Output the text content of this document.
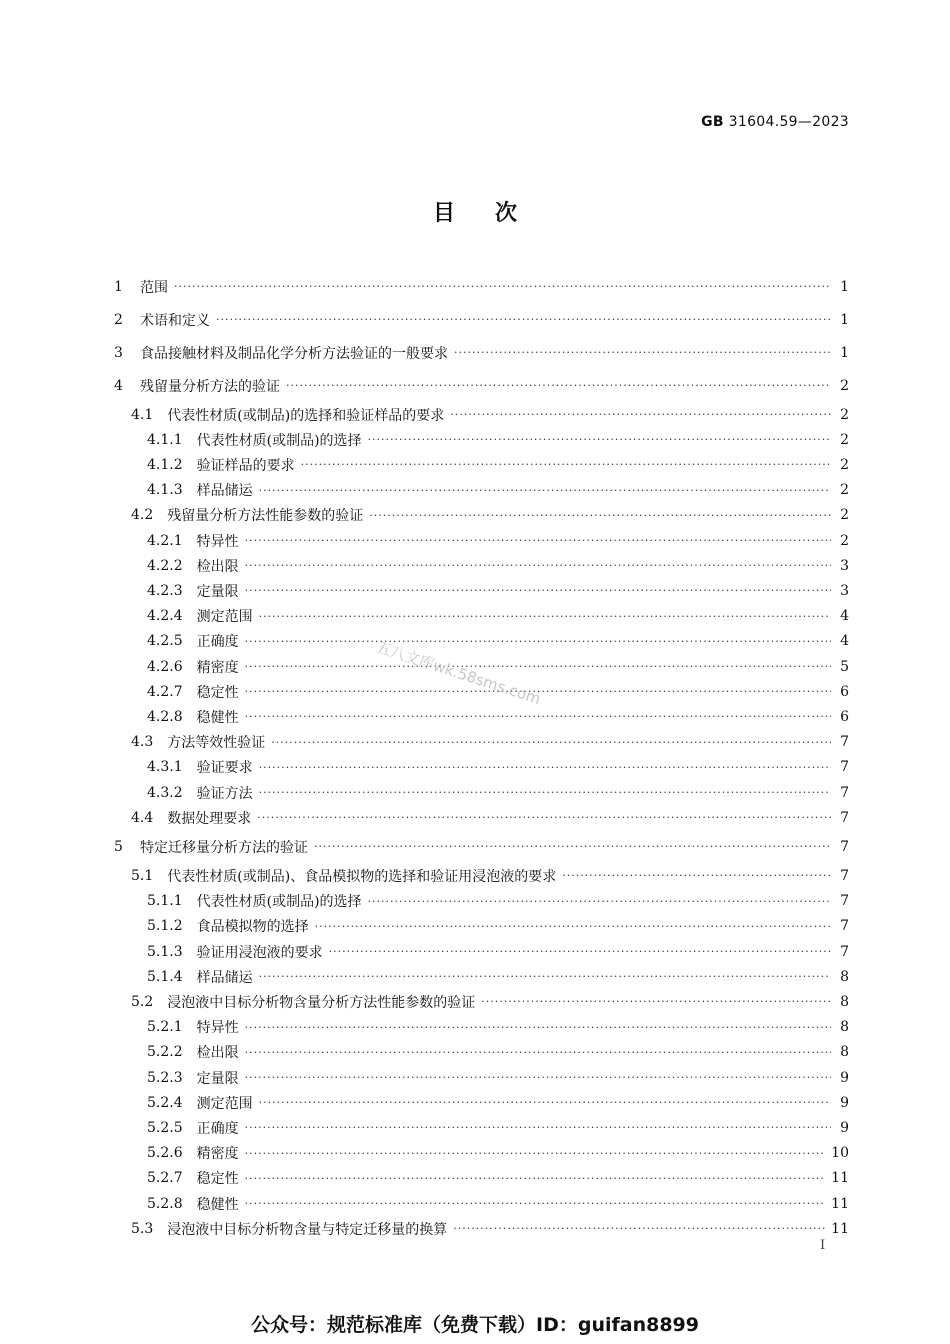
GB 31604.59—2023
目次
1	范围 ·····	1
2	术语和定义 ·····	1
3	食品接触材料及制品化学分析方法验证的一般要求 ·····	1
4	残留量分析方法的验证 ·····	2
4.1 代表性材质(或制品)的选择和验证样品的要求 ·····	2
4.1.1 代表性材质(或制品)的选择 ·····	2
4.1.2 验证样品的要求 ·····	2
4.1.3 样品储运 ·····	2
4.2 残留量分析方法性能参数的验证 ·····	2
4.2.1 特异性 ·····	2
4.2.2 检出限 ·····	3
4.2.3 定量限 ·····	3
4.2.4 测定范围 ·····	4
4.2.5 正确度 ·····	4
4.2.6 精密度 ·····	5
4.2.7 稳定性 ·····	6
4.2.8 稳健性 ·····	6
4.3 方法等效性验证 ·····	7
4.3.1 验证要求 ·····	7
4.3.2 验证方法 ·····	7
4.4 数据处理要求 ·····	7
5	特定迁移量分析方法的验证 ·····	7
5.1 代表性材质(或制品)、食品模拟物的选择和验证用浸泡液的要求 ·····	7
5.1.1 代表性材质(或制品)的选择 ·····	7
5.1.2 食品模拟物的选择 ·····	7
5.1.3 验证用浸泡液的要求 ·····	7
5.1.4 样品储运 ·····	8
5.2 浸泡液中目标分析物含量分析方法性能参数的验证 ·····	8
5.2.1 特异性 ·····	8
5.2.2 检出限 ·····	8
5.2.3 定量限 ·····	9
5.2.4 测定范围 ·····	9
5.2.5 正确度 ·····	9
5.2.6 精密度 ·····	10
5.2.7 稳定性 ·····	11
5.2.8 稳健性 ·····	11
5.3 浸泡液中目标分析物含量与特定迁移量的换算 ·····	11
五八文库wk.58sms.com
I
公众号：规范标准库（免费下载）ID：guifan8899
